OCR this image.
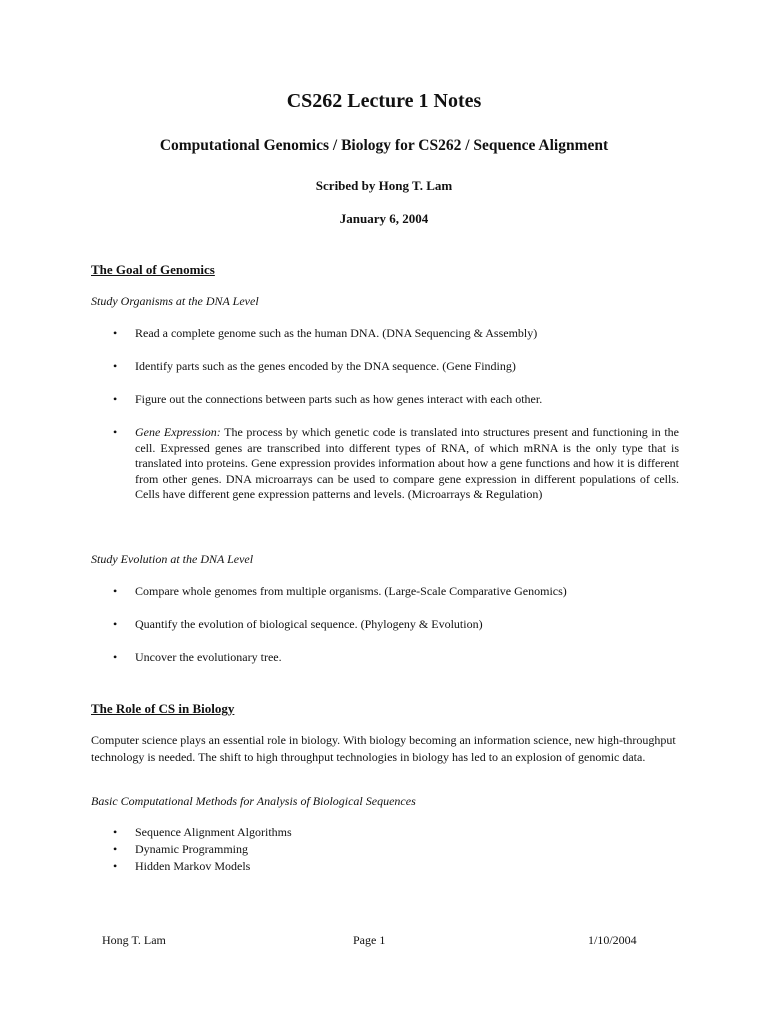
CS262 Lecture 1 Notes
Computational Genomics / Biology for CS262 / Sequence Alignment

Scribed by Hong T. Lam

January 6, 2004

The Goal of Genomics

Study Organisms at the DNA Level

• Read a complete genome such as the human DNA. (DNA Sequencing & Assembly)
• Identify parts such as the genes encoded by the DNA sequence. (Gene Finding)
• Figure out the connections between parts such as how genes interact with each other.
• Gene Expression: The process by which genetic code is translated into structures present and functioning in the cell. Expressed genes are transcribed into different types of RNA, of which mRNA is the only type that is translated into proteins. Gene expression provides information about how a gene functions and how it is different from other genes. DNA microarrays can be used to compare gene expression in different populations of cells. Cells have different gene expression patterns and levels. (Microarrays & Regulation)

Study Evolution at the DNA Level

• Compare whole genomes from multiple organisms. (Large-Scale Comparative Genomics)
• Quantify the evolution of biological sequence. (Phylogeny & Evolution)
• Uncover the evolutionary tree.

The Role of CS in Biology

Computer science plays an essential role in biology. With biology becoming an information science, new high-throughput technology is needed. The shift to high throughput technologies in biology has led to an explosion of genomic data.

Basic Computational Methods for Analysis of Biological Sequences

• Sequence Alignment Algorithms
• Dynamic Programming
• Hidden Markov Models
Hong T. Lam	Page 1	1/10/2004
